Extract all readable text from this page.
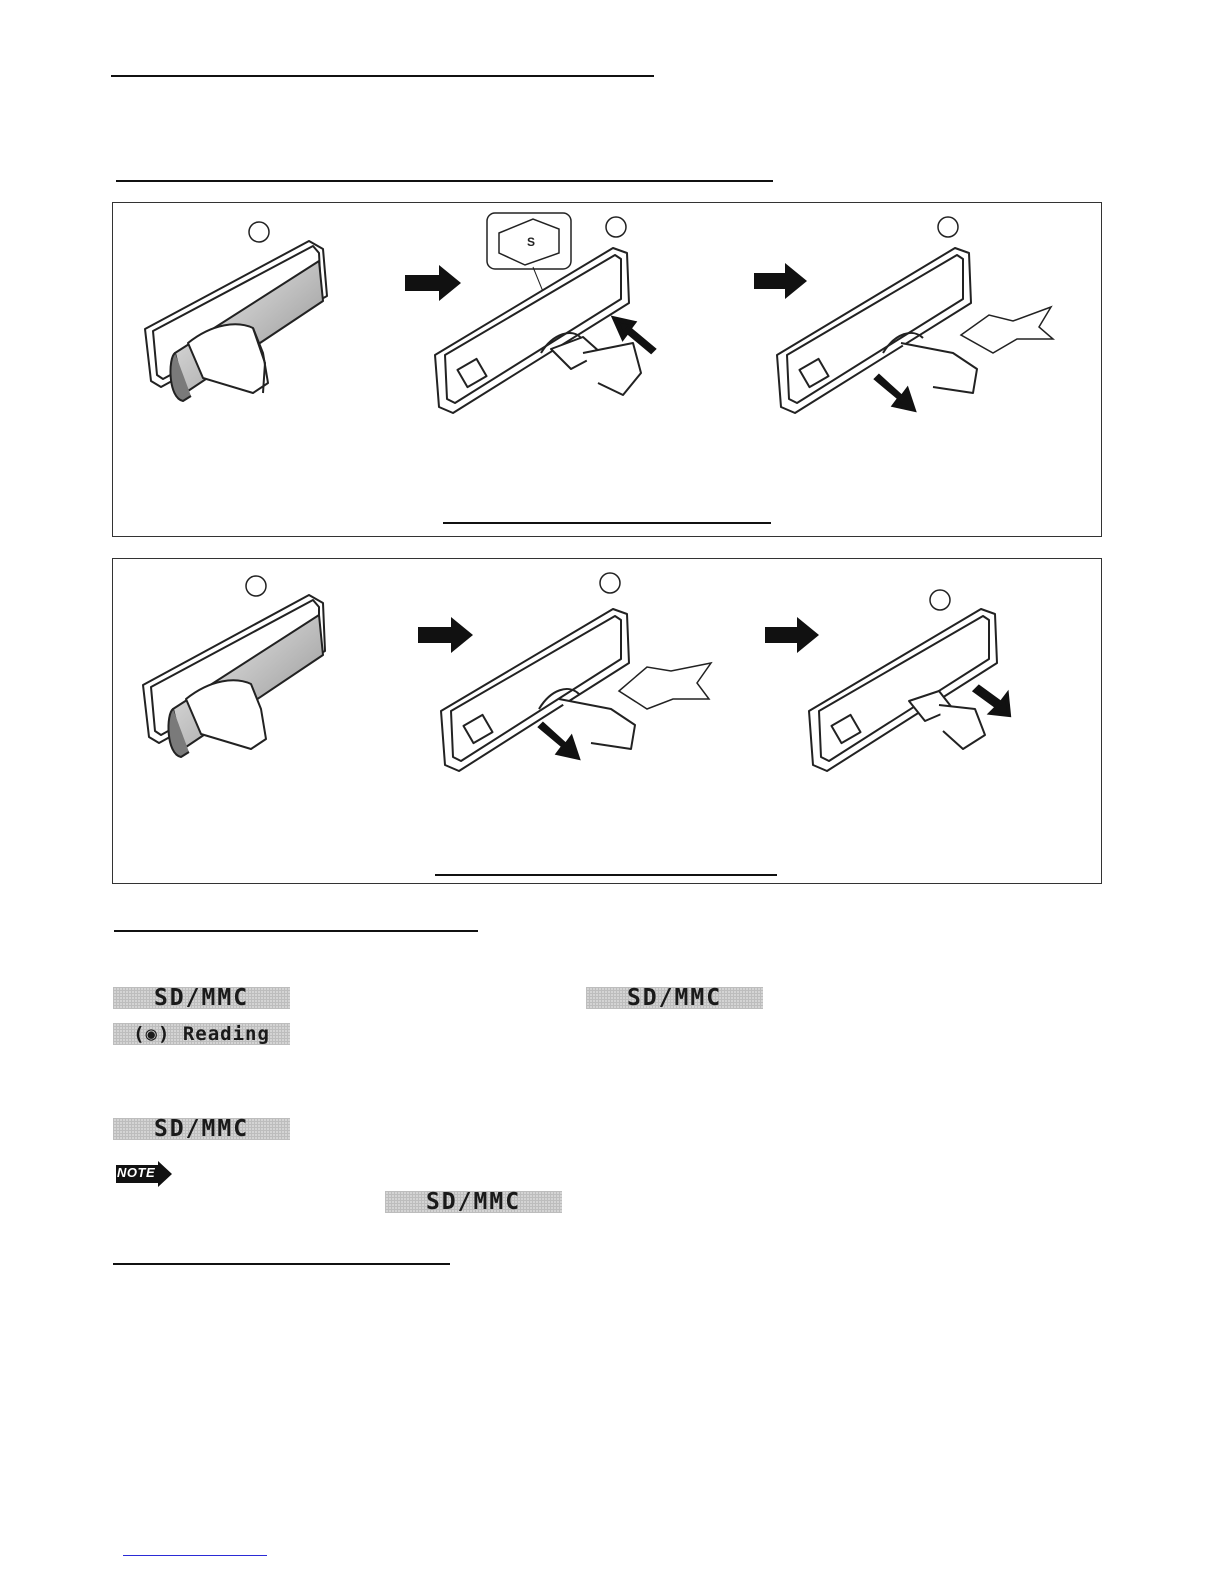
S
SD/MMC	SD/MMC
(◉) Reading
SD/MMC
NOTE
SD/MMC
